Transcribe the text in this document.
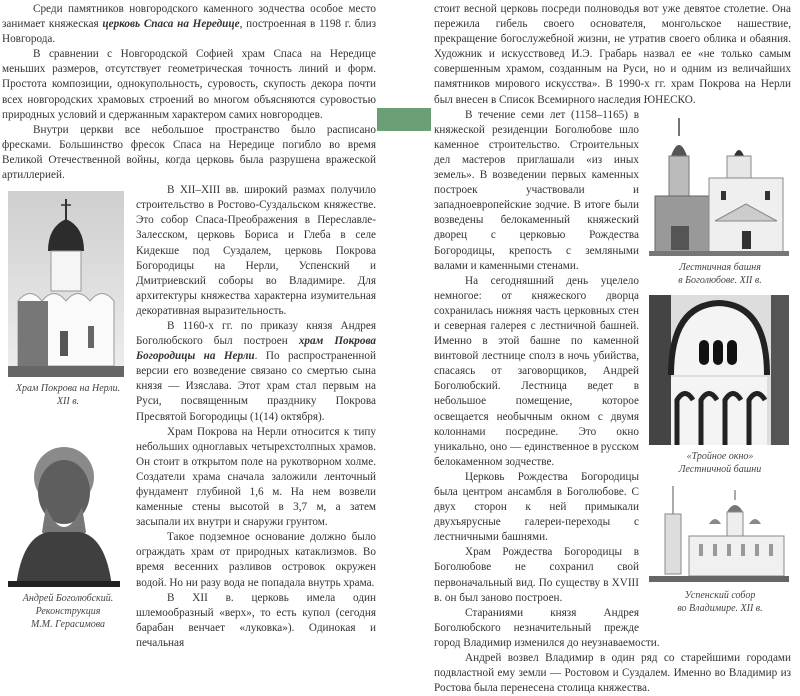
Среди памятников новгородского каменного зодчества особое место занимает княжеская церковь Спаса на Нередице, построенная в 1198 г. близ Новгорода.

В сравнении с Новгородской Софией храм Спаса на Нередице меньших размеров, отсутствует геометрическая точность линий и форм. Простота композиции, однокупольность, суровость, скупость декора почти всех новгородских храмовых строений во многом объясняются суровостью природных условий и сдержанным характером самих новгородцев.

Внутри церкви все небольшое пространство было расписано фресками. Большинство фресок Спаса на Нередице погибло во время Великой Отечественной войны, когда церковь была разрушена вражеской артиллерией.

Храм Покрова на Нерли.
XII в.

В XII–XIII вв. широкий размах получило строительство в Ростово-Суздальском княжестве. Это собор Спаса-Преображения в Переславле-Залесском, церковь Бориса и Глеба в селе Кидекше под Суздалем, церковь Покрова Богородицы на Нерли, Успенский и Дмитриевский соборы во Владимире. Для архитектуры княжества характерна изумительная декоративная выразительность.

В 1160-х гг. по приказу князя Андрея Боголюбского был построен храм Покрова Богородицы на Нерли. По распространенной версии его возведение связано со смертью сына князя — Изяслава. Этот храм стал первым на Руси, посвященным празднику Покрова Пресвятой Богородицы (1(14) октября).

Андрей Боголюбский.
Реконструкция
М.М. Герасимова

Храм Покрова на Нерли относится к типу небольших одноглавых четырехстолпных храмов. Он стоит в открытом поле на рукотворном холме. Создатели храма сначала заложили ленточный фундамент глубиной 1,6 м. На нем возвели каменные стены высотой в 3,7 м, а затем засыпали их внутри и снаружи грунтом.

Такое подземное основание должно было ограждать храм от природных катаклизмов. Во время весенних разливов островок окружен водой. Но ни разу вода не попадала внутрь храма.

В XII в. церковь имела один шлемообразный «верх», то есть купол (сегодня барабан венчает «луковка»). Одинокая и печальная

стоит весной церковь посреди полноводья вот уже девятое столетие. Она пережила гибель своего основателя, монгольское нашествие, прекращение богослужебной жизни, не утратив своего облика и обаяния. Художник и искусствовед И.Э. Грабарь назвал ее «не только самым совершенным храмом, созданным на Руси, но и одним из величайших памятников мирового искусства». В 1990-х гг. храм Покрова на Нерли был внесен в Список Всемирного наследия ЮНЕСКО.

Лестничная башня
в Боголюбове. XII в.
«Тройное окно»
Лестничной башни
Успенский собор
во Владимире. XII в.

В течение семи лет (1158–1165) в княжеской резиденции Боголюбове шло каменное строительство. Строительных дел мастеров приглашали «из иных земель». В возведении первых каменных построек участвовали и западноевропейские зодчие. В итоге были возведены белокаменный княжеский дворец с церковью Рождества Богородицы, крепость с земляными валами и каменными стенами.

На сегодняшний день уцелело немногое: от княжеского дворца сохранилась нижняя часть церковных стен и северная галерея с лестничной башней. Именно в этой башне по каменной винтовой лестнице сполз в ночь убийства, спасаясь от заговорщиков, Андрей Боголюбский. Лестница ведет в небольшое помещение, которое освещается необычным окном с двумя колоннами посредине. Это окно уникально, оно — единственное в русском белокаменном зодчестве.

Церковь Рождества Богородицы была центром ансамбля в Боголюбове. С двух сторон к ней примыкали двухъярусные галереи-переходы с лестничными башнями.

Храм Рождества Богородицы в Боголюбове не сохранил свой первоначальный вид. По существу в XVIII в. он был заново построен.

Стараниями князя Андрея Боголюбского незначительный прежде город Владимир изменился до неузнаваемости.

Андрей возвел Владимир в один ряд со старейшими городами подвластной ему земли — Ростовом и Суздалем. Именно во Владимир из Ростова была перенесена столица княжества.
